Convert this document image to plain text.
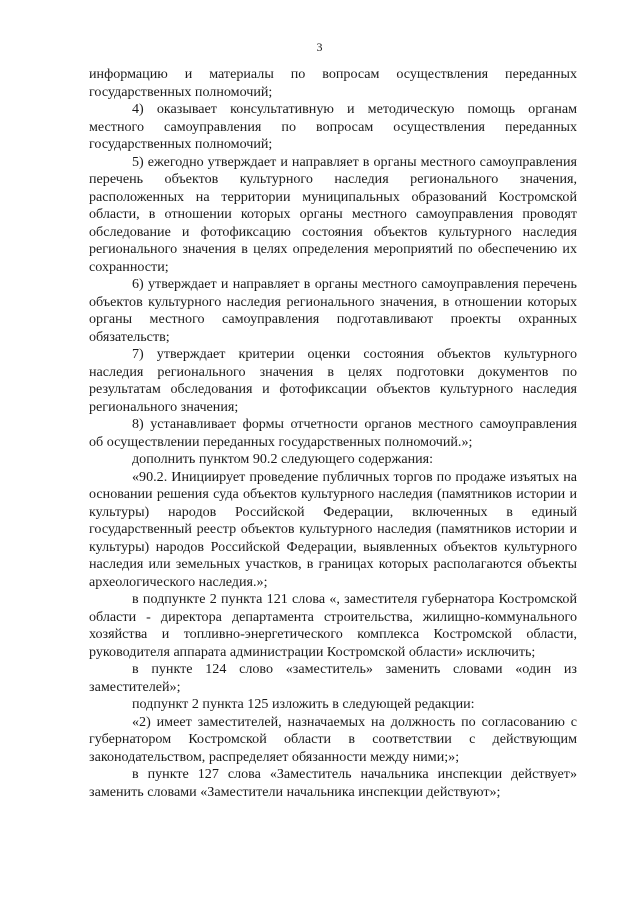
3

информацию и материалы по вопросам осуществления переданных государственных полномочий;

4) оказывает консультативную и методическую помощь органам местного самоуправления по вопросам осуществления переданных государственных полномочий;

5) ежегодно утверждает и направляет в органы местного самоуправления перечень объектов культурного наследия регионального значения, расположенных на территории муниципальных образований Костромской области, в отношении которых органы местного самоуправления проводят обследование и фотофиксацию состояния объектов культурного наследия регионального значения в целях определения мероприятий по обеспечению их сохранности;

6) утверждает и направляет в органы местного самоуправления перечень объектов культурного наследия регионального значения, в отношении которых органы местного самоуправления подготавливают проекты охранных обязательств;

7) утверждает критерии оценки состояния объектов культурного наследия регионального значения в целях подготовки документов по результатам обследования и фотофиксации объектов культурного наследия регионального значения;

8) устанавливает формы отчетности органов местного самоуправления об осуществлении переданных государственных полномочий.»;

дополнить пунктом 90.2 следующего содержания:

«90.2. Инициирует проведение публичных торгов по продаже изъятых на основании решения суда объектов культурного наследия (памятников истории и культуры) народов Российской Федерации, включенных в единый государственный реестр объектов культурного наследия (памятников истории и культуры) народов Российской Федерации, выявленных объектов культурного наследия или земельных участков, в границах которых располагаются объекты археологического наследия.»;

в подпункте 2 пункта 121 слова «, заместителя губернатора Костромской области - директора департамента строительства, жилищно-коммунального хозяйства и топливно-энергетического комплекса Костромской области, руководителя аппарата администрации Костромской области» исключить;

в пункте 124 слово «заместитель» заменить словами «один из заместителей»;

подпункт 2 пункта 125 изложить в следующей редакции:

«2) имеет заместителей, назначаемых на должность по согласованию с губернатором Костромской области в соответствии с действующим законодательством, распределяет обязанности между ними;»;

в пункте 127 слова «Заместитель начальника инспекции действует» заменить словами «Заместители начальника инспекции действуют»;
